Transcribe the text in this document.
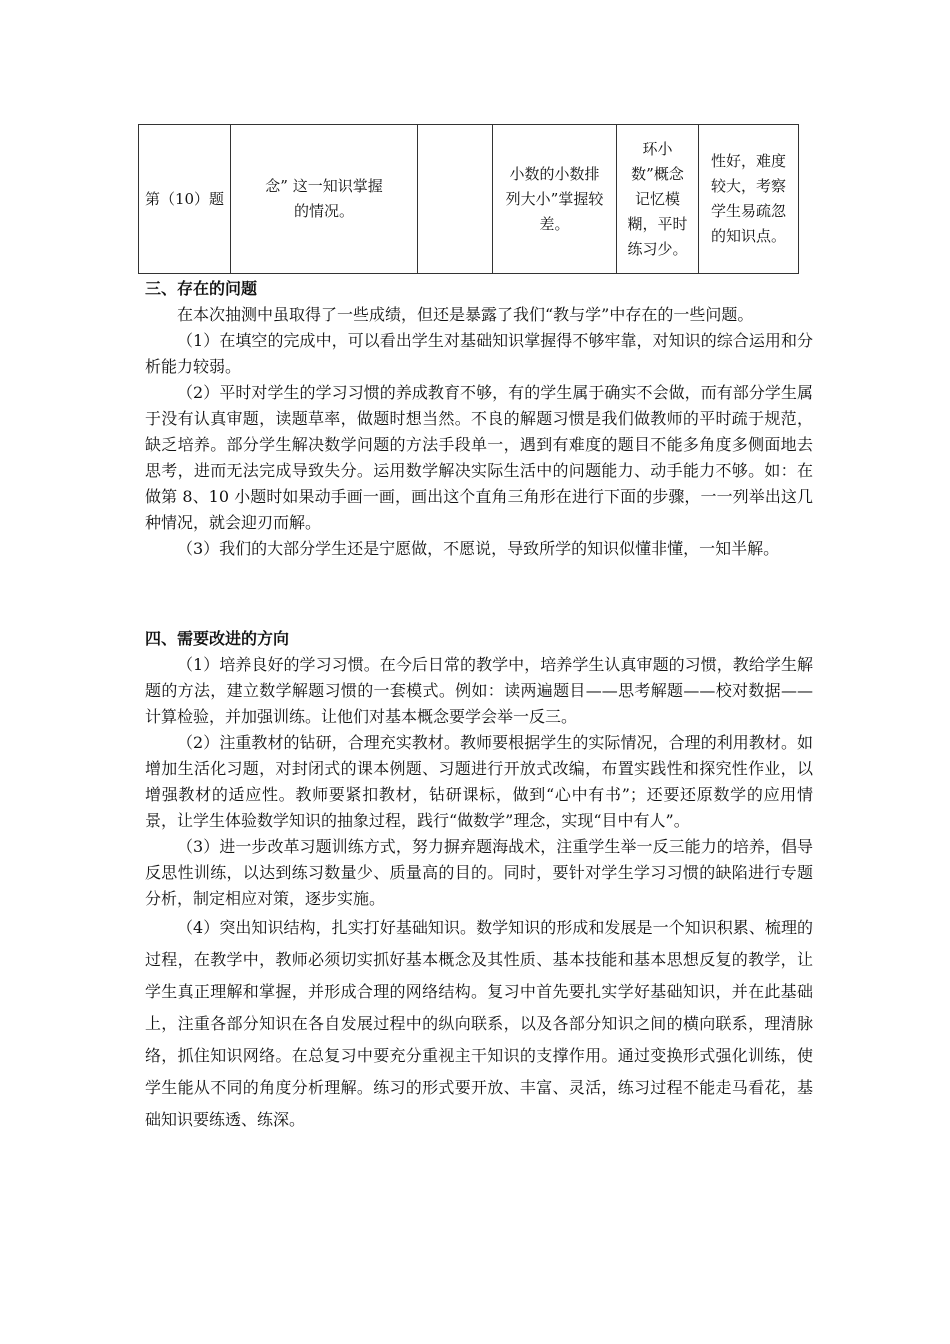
第（10）题	念” 这一知识掌握的情况。		小数的小数排列大小”掌握较差。	环小数”概念记忆模糊，平时练习少。	性好，难度较大，考察学生易疏忽的知识点。

三、存在的问题

在本次抽测中虽取得了一些成绩，但还是暴露了我们“教与学”中存在的一些问题。

（1）在填空的完成中，可以看出学生对基础知识掌握得不够牢靠，对知识的综合运用和分析能力较弱。

（2）平时对学生的学习习惯的养成教育不够，有的学生属于确实不会做，而有部分学生属于没有认真审题，读题草率，做题时想当然。不良的解题习惯是我们做教师的平时疏于规范，缺乏培养。部分学生解决数学问题的方法手段单一，遇到有难度的题目不能多角度多侧面地去思考，进而无法完成导致失分。运用数学解决实际生活中的问题能力、动手能力不够。如：在做第 8、10 小题时如果动手画一画，画出这个直角三角形在进行下面的步骤，一一列举出这几种情况，就会迎刃而解。

（3）我们的大部分学生还是宁愿做，不愿说，导致所学的知识似懂非懂，一知半解。

四、需要改进的方向

（1）培养良好的学习习惯。在今后日常的教学中，培养学生认真审题的习惯，教给学生解题的方法，建立数学解题习惯的一套模式。例如：读两遍题目——思考解题——校对数据——计算检验，并加强训练。让他们对基本概念要学会举一反三。

（2）注重教材的钻研，合理充实教材。教师要根据学生的实际情况，合理的利用教材。如增加生活化习题，对封闭式的课本例题、习题进行开放式改编，布置实践性和探究性作业，以增强教材的适应性。教师要紧扣教材，钻研课标，做到“心中有书”；还要还原数学的应用情景，让学生体验数学知识的抽象过程，践行“做数学”理念，实现“目中有人”。

（3）进一步改革习题训练方式，努力摒弃题海战术，注重学生举一反三能力的培养，倡导反思性训练，以达到练习数量少、质量高的目的。同时，要针对学生学习习惯的缺陷进行专题分析，制定相应对策，逐步实施。

（4）突出知识结构，扎实打好基础知识。数学知识的形成和发展是一个知识积累、梳理的过程，在教学中，教师必须切实抓好基本概念及其性质、基本技能和基本思想反复的教学，让学生真正理解和掌握，并形成合理的网络结构。复习中首先要扎实学好基础知识，并在此基础上，注重各部分知识在各自发展过程中的纵向联系，以及各部分知识之间的横向联系，理清脉络，抓住知识网络。在总复习中要充分重视主干知识的支撑作用。通过变换形式强化训练，使学生能从不同的角度分析理解。练习的形式要开放、丰富、灵活，练习过程不能走马看花，基础知识要练透、练深。
